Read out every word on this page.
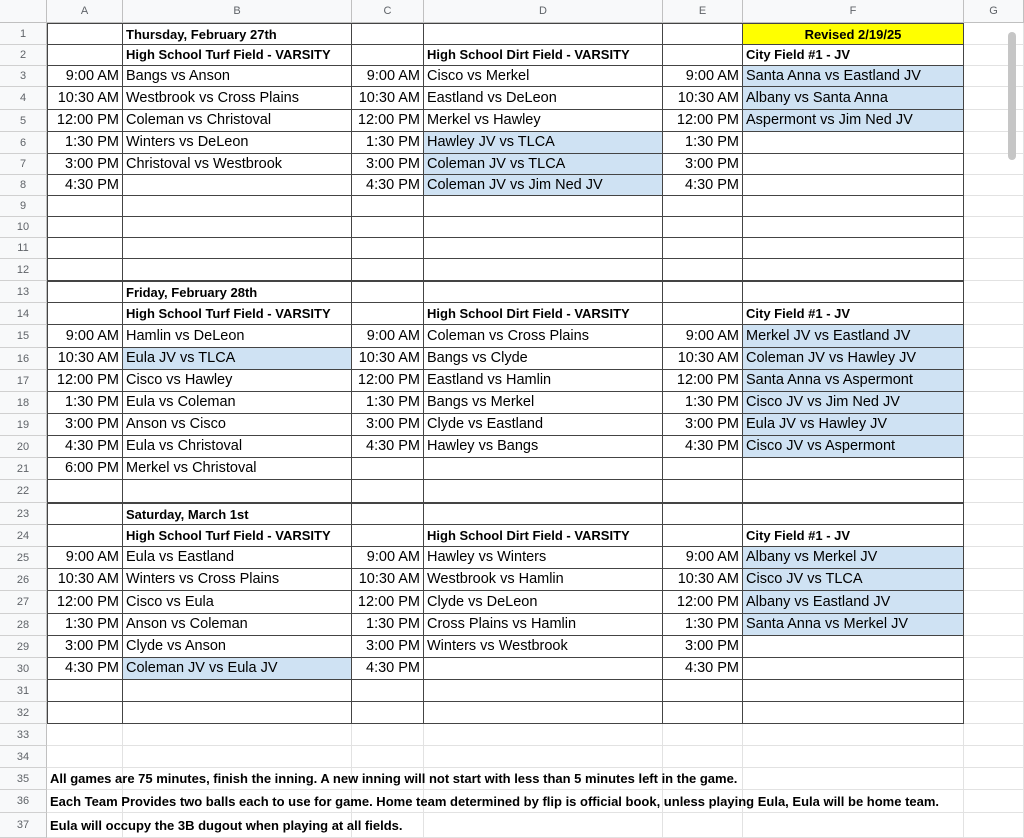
A	B	C	D	E	F	G
1
2
3
4
5
6
7
8
9
10
11
12
13
14
15
16
17
18
19
20
21
22
23
24
25
26
27
28
29
30
31
32
33
34
35
36
37
Thursday, February 27th	Revised 2/19/25
High School Turf Field - VARSITY	High School Dirt Field - VARSITY	City Field #1 - JV
9:00 AM Bangs vs Anson	9:00 AM Cisco vs Merkel	9:00 AM Santa Anna vs Eastland JV
10:30 AM Westbrook vs Cross Plains	10:30 AM Eastland vs DeLeon	10:30 AM Albany vs Santa Anna
12:00 PM Coleman vs Christoval	12:00 PM Merkel vs Hawley	12:00 PM Aspermont vs Jim Ned JV
1:30 PM Winters vs DeLeon	1:30 PM Hawley JV vs TLCA	1:30 PM
3:00 PM Christoval vs Westbrook	3:00 PM Coleman JV vs TLCA	3:00 PM
4:30 PM	4:30 PM Coleman JV vs Jim Ned JV	4:30 PM
Friday, February 28th
High School Turf Field - VARSITY	High School Dirt Field - VARSITY	City Field #1 - JV
9:00 AM Hamlin vs DeLeon	9:00 AM Coleman vs Cross Plains	9:00 AM Merkel JV vs Eastland JV
10:30 AM Eula JV vs TLCA	10:30 AM Bangs vs Clyde	10:30 AM Coleman JV vs Hawley JV
12:00 PM Cisco vs Hawley	12:00 PM Eastland vs Hamlin	12:00 PM Santa Anna vs Aspermont
1:30 PM Eula vs Coleman	1:30 PM Bangs vs Merkel	1:30 PM Cisco JV vs Jim Ned JV
3:00 PM Anson vs Cisco	3:00 PM Clyde vs Eastland	3:00 PM Eula JV vs Hawley JV
4:30 PM Eula vs Christoval	4:30 PM Hawley vs Bangs	4:30 PM Cisco JV vs Aspermont
6:00 PM Merkel vs Christoval
Saturday, March 1st
High School Turf Field - VARSITY	High School Dirt Field - VARSITY	City Field #1 - JV
9:00 AM Eula vs Eastland	9:00 AM Hawley vs Winters	9:00 AM Albany vs Merkel JV
10:30 AM Winters vs Cross Plains	10:30 AM Westbrook vs Hamlin	10:30 AM Cisco JV vs TLCA
12:00 PM Cisco vs Eula	12:00 PM Clyde vs DeLeon	12:00 PM Albany vs Eastland JV
1:30 PM Anson vs Coleman	1:30 PM Cross Plains vs Hamlin	1:30 PM Santa Anna vs Merkel JV
3:00 PM Clyde vs Anson	3:00 PM Winters vs Westbrook	3:00 PM
4:30 PM Coleman JV vs Eula JV	4:30 PM	4:30 PM
All games are 75 minutes, finish the inning. A new inning will not start with less than 5 minutes left in the game.
Each Team Provides two balls each to use for game. Home team determined by flip is official book, unless playing Eula, Eula will be home team.
Eula will occupy the 3B dugout when playing at all fields.
